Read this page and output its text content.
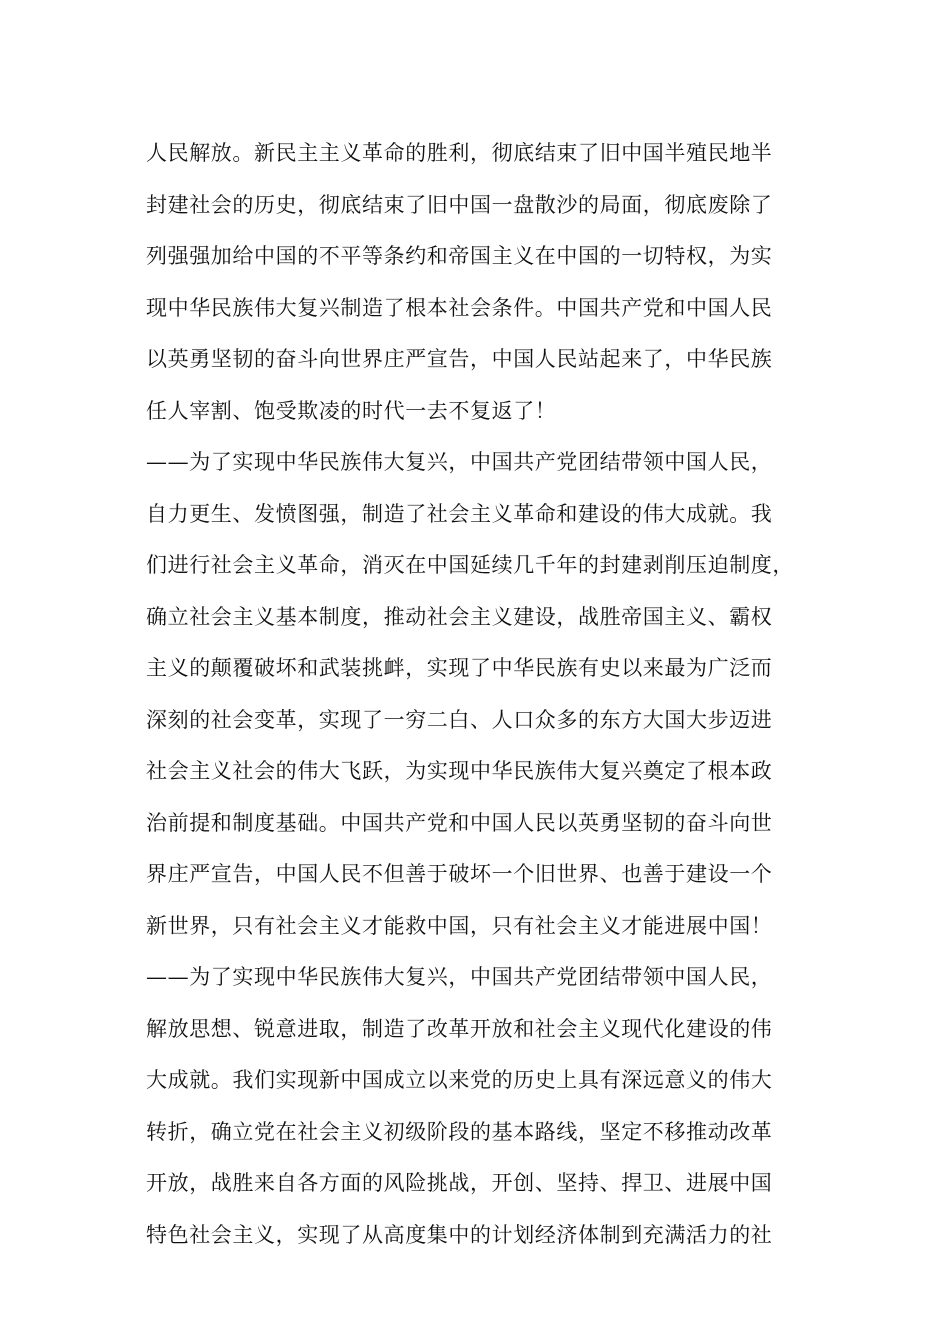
人民解放。新民主主义革命的胜利，彻底结束了旧中国半殖民地半
封建社会的历史，彻底结束了旧中国一盘散沙的局面，彻底废除了
列强强加给中国的不平等条约和帝国主义在中国的一切特权，为实
现中华民族伟大复兴制造了根本社会条件。中国共产党和中国人民
以英勇坚韧的奋斗向世界庄严宣告，中国人民站起来了，中华民族
任人宰割、饱受欺凌的时代一去不复返了！
——为了实现中华民族伟大复兴，中国共产党团结带领中国人民，
自力更生、发愤图强，制造了社会主义革命和建设的伟大成就。我
们进行社会主义革命，消灭在中国延续几千年的封建剥削压迫制度，
确立社会主义基本制度，推动社会主义建设，战胜帝国主义、霸权
主义的颠覆破坏和武装挑衅，实现了中华民族有史以来最为广泛而
深刻的社会变革，实现了一穷二白、人口众多的东方大国大步迈进
社会主义社会的伟大飞跃，为实现中华民族伟大复兴奠定了根本政
治前提和制度基础。中国共产党和中国人民以英勇坚韧的奋斗向世
界庄严宣告，中国人民不但善于破坏一个旧世界、也善于建设一个
新世界，只有社会主义才能救中国，只有社会主义才能进展中国！
——为了实现中华民族伟大复兴，中国共产党团结带领中国人民，
解放思想、锐意进取，制造了改革开放和社会主义现代化建设的伟
大成就。我们实现新中国成立以来党的历史上具有深远意义的伟大
转折，确立党在社会主义初级阶段的基本路线，坚定不移推动改革
开放，战胜来自各方面的风险挑战，开创、坚持、捍卫、进展中国
特色社会主义，实现了从高度集中的计划经济体制到充满活力的社
